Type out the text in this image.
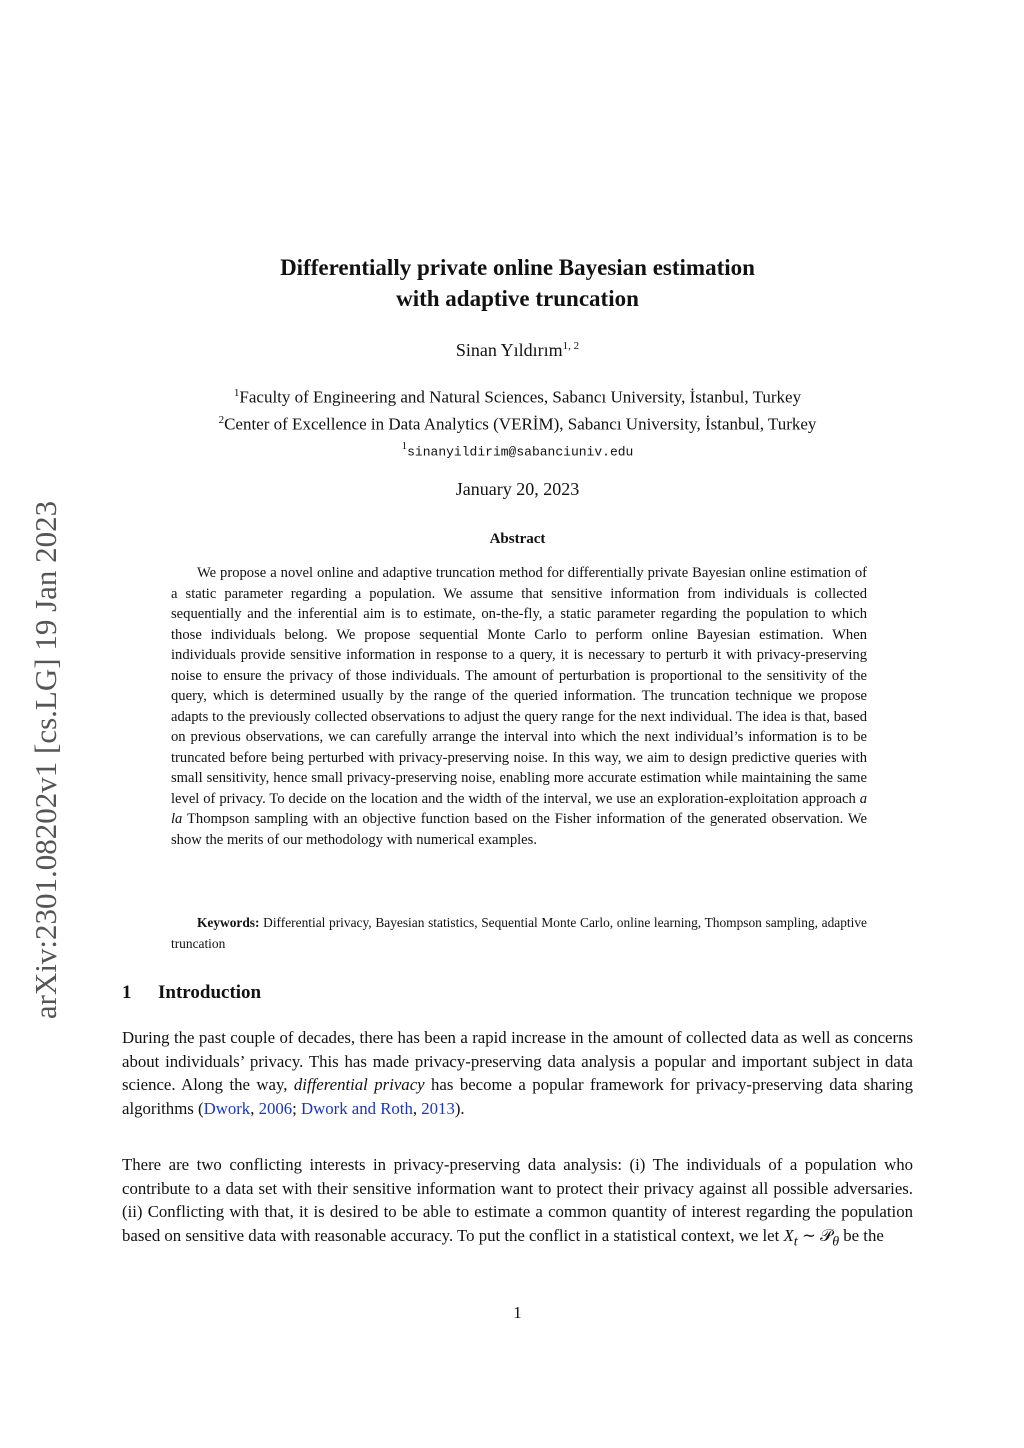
arXiv:2301.08202v1 [cs.LG] 19 Jan 2023
Differentially private online Bayesian estimation
with adaptive truncation
Sinan Yıldırım$^{1, 2}$
$^1$Faculty of Engineering and Natural Sciences, Sabancı University, İstanbul, Turkey
$^2$Center of Excellence in Data Analytics (VERİM), Sabancı University, İstanbul, Turkey
$^1$sinanyildirim@sabanciuniv.edu
January 20, 2023
Abstract

We propose a novel online and adaptive truncation method for differentially private Bayesian online estimation of a static parameter regarding a population. We assume that sensitive information from individuals is collected sequentially and the inferential aim is to estimate, on-the-fly, a static parameter regarding the population to which those individuals belong. We propose sequential Monte Carlo to perform online Bayesian estimation. When individuals provide sensitive information in response to a query, it is necessary to perturb it with privacy-preserving noise to ensure the privacy of those individuals. The amount of perturbation is proportional to the sensitivity of the query, which is determined usually by the range of the queried information. The truncation technique we propose adapts to the previously collected observations to adjust the query range for the next individual. The idea is that, based on previous observations, we can carefully arrange the interval into which the next individual’s information is to be truncated before being perturbed with privacy-preserving noise. In this way, we aim to design predictive queries with small sensitivity, hence small privacy-preserving noise, enabling more accurate estimation while maintaining the same level of privacy. To decide on the location and the width of the interval, we use an exploration-exploitation approach a la Thompson sampling with an objective function based on the Fisher information of the generated observation. We show the merits of our methodology with numerical examples.

Keywords: Differential privacy, Bayesian statistics, Sequential Monte Carlo, online learning, Thompson sampling, adaptive truncation

1 Introduction

During the past couple of decades, there has been a rapid increase in the amount of collected data as well as concerns about individuals’ privacy. This has made privacy-preserving data analysis a popular and important subject in data science. Along the way, differential privacy has become a popular framework for privacy-preserving data sharing algorithms (Dwork, 2006; Dwork and Roth, 2013).

There are two conflicting interests in privacy-preserving data analysis: (i) The individuals of a population who contribute to a data set with their sensitive information want to protect their privacy against all possible adversaries. (ii) Conflicting with that, it is desired to be able to estimate a common quantity of interest regarding the population based on sensitive data with reasonable accuracy. To put the conflict in a statistical context, we let $X_t$ ∼ 𝒫$_\theta$ be the

1
